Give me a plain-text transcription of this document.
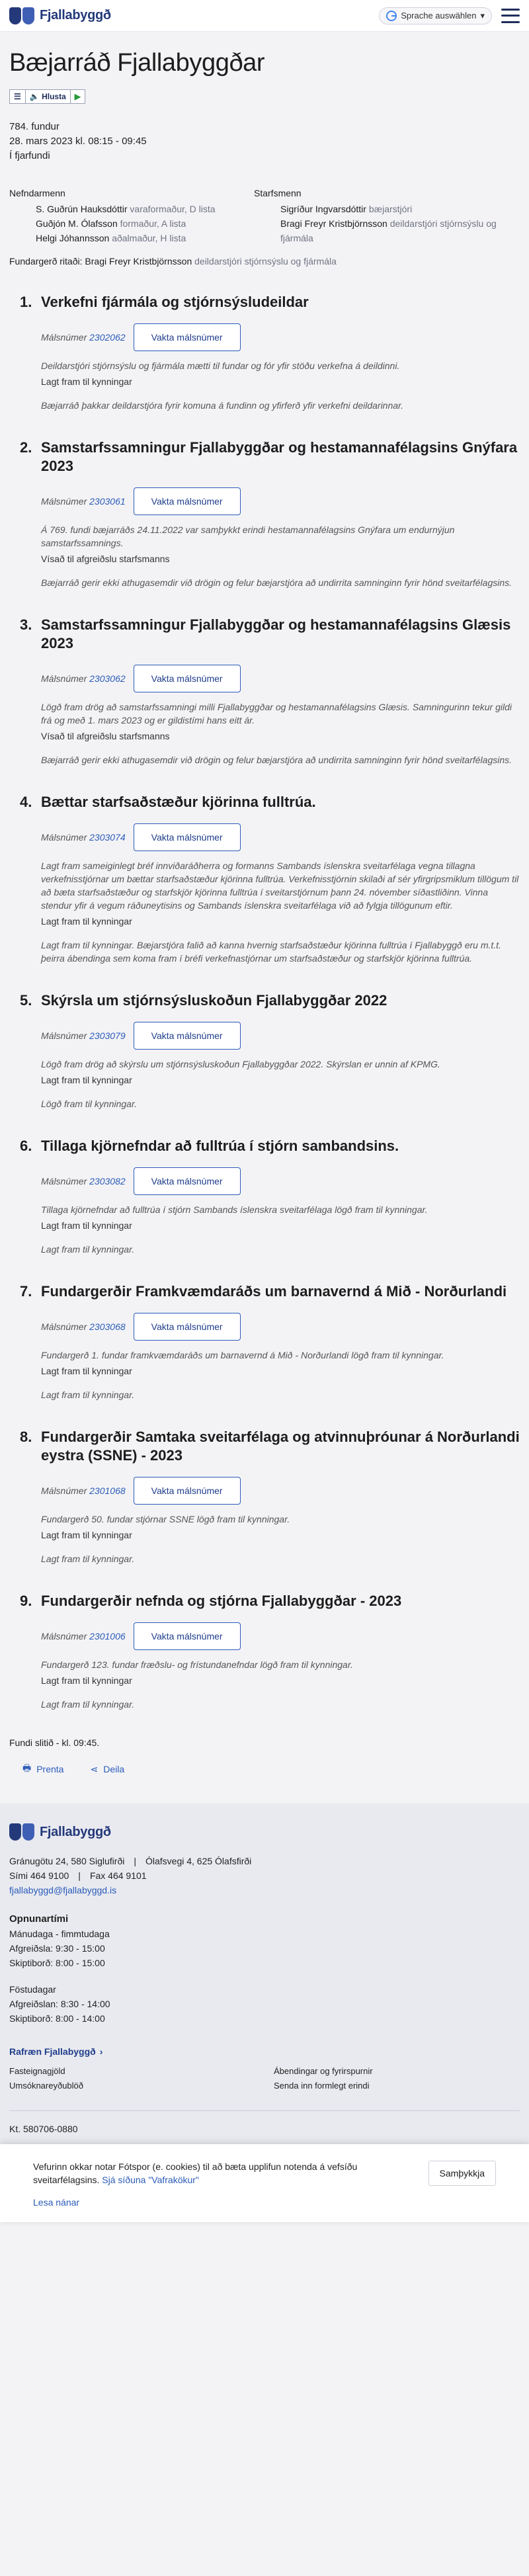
Fjallabyggð	Sprache auswählen ▾
Bæjarráð Fjallabyggðar
☰	🔈
Hlusta	▶
784. fundur
28. mars 2023 kl. 08:15 - 09:45
Í fjarfundi
Nefndarmenn
S. Guðrún Hauksdóttir varaformaður, D lista
Guðjón M. Ólafsson formaður, A lista
Helgi Jóhannsson aðalmaður, H lista
Starfsmenn
Sigríður Ingvarsdóttir bæjarstjóri
Bragi Freyr Kristbjörnsson deildarstjóri stjórnsýslu og fjármála
Fundargerð ritaði: Bragi Freyr Kristbjörnsson deildarstjóri stjórnsýslu og fjármála
1. Verkefni fjármála og stjórnsýsludeildar
Málsnúmer 2302062	Vakta málsnúmer
Deildarstjóri stjórnsýslu og fjármála mætti til fundar og fór yfir stöðu verkefna á deildinni.
Lagt fram til kynningar
Bæjarráð þakkar deildarstjóra fyrir komuna á fundinn og yfirferð yfir verkefni deildarinnar.
2. Samstarfssamningur Fjallabyggðar og hestamannafélagsins Gnýfara 2023
Málsnúmer 2303061	Vakta málsnúmer
Á 769. fundi bæjarráðs 24.11.2022 var samþykkt erindi hestamannafélagsins Gnýfara um endurnýjun samstarfssamnings.
Vísað til afgreiðslu starfsmanns
Bæjarráð gerir ekki athugasemdir við drögin og felur bæjarstjóra að undirrita samninginn fyrir hönd sveitarfélagsins.
3. Samstarfssamningur Fjallabyggðar og hestamannafélagsins Glæsis 2023
Málsnúmer 2303062	Vakta málsnúmer
Lögð fram drög að samstarfssamningi milli Fjallabyggðar og hestamannafélagsins Glæsis. Samningurinn tekur gildi frá og með 1. mars 2023 og er gildistími hans eitt ár.
Vísað til afgreiðslu starfsmanns
Bæjarráð gerir ekki athugasemdir við drögin og felur bæjarstjóra að undirrita samninginn fyrir hönd sveitarfélagsins.
4. Bættar starfsaðstæður kjörinna fulltrúa.
Málsnúmer 2303074	Vakta málsnúmer
Lagt fram sameiginlegt bréf innviðaráðherra og formanns Sambands íslenskra sveitarfélaga vegna tillagna verkefnisstjórnar um bættar starfsaðstæður kjörinna fulltrúa. Verkefnisstjórnin skilaði af sér yfirgripsmiklum tillögum til að bæta starfsaðstæður og starfskjör kjörinna fulltrúa í sveitarstjórnum þann 24. nóvember síðastliðinn. Vinna stendur yfir á vegum ráðuneytisins og Sambands íslenskra sveitarfélaga við að fylgja tillögunum eftir.
Lagt fram til kynningar
Lagt fram til kynningar. Bæjarstjóra falið að kanna hvernig starfsaðstæður kjörinna fulltrúa í Fjallabyggð eru m.t.t. þeirra ábendinga sem koma fram í bréfi verkefnastjórnar um starfsaðstæður og starfskjör kjörinna fulltrúa.
5. Skýrsla um stjórnsýsluskoðun Fjallabyggðar 2022
Málsnúmer 2303079	Vakta málsnúmer
Lögð fram drög að skýrslu um stjórnsýsluskoðun Fjallabyggðar 2022. Skýrslan er unnin af KPMG.
Lagt fram til kynningar
Lögð fram til kynningar.
6. Tillaga kjörnefndar að fulltrúa í stjórn sambandsins.
Málsnúmer 2303082	Vakta málsnúmer
Tillaga kjörnefndar að fulltrúa í stjórn Sambands íslenskra sveitarfélaga lögð fram til kynningar.
Lagt fram til kynningar
Lagt fram til kynningar.
7. Fundargerðir Framkvæmdaráðs um barnavernd á Mið - Norðurlandi
Málsnúmer 2303068	Vakta málsnúmer
Fundargerð 1. fundar framkvæmdaráðs um barnavernd á Mið - Norðurlandi lögð fram til kynningar.
Lagt fram til kynningar
Lagt fram til kynningar.
8. Fundargerðir Samtaka sveitarfélaga og atvinnuþróunar á Norðurlandi eystra (SSNE) - 2023
Málsnúmer 2301068	Vakta málsnúmer
Fundargerð 50. fundar stjórnar SSNE lögð fram til kynningar.
Lagt fram til kynningar
Lagt fram til kynningar.
9. Fundargerðir nefnda og stjórna Fjallabyggðar - 2023
Málsnúmer 2301006	Vakta málsnúmer
Fundargerð 123. fundar fræðslu- og frístundanefndar lögð fram til kynningar.
Lagt fram til kynningar
Lagt fram til kynningar.
Fundi slitið - kl. 09:45.
🖶 Prenta	⋖ Deila
Fjallabyggð
Gránugötu 24, 580 Siglufirði | Ólafsvegi 4, 625 Ólafsfirði
Sími 464 9100 | Fax 464 9101
fjallabyggd@fjallabyggd.is
Opnunartími
Mánudaga - fimmtudaga
Afgreiðsla: 9:30 - 15:00
Skiptiborð: 8:00 - 15:00
Föstudagar
Afgreiðslan: 8:30 - 14:00
Skiptiborð: 8:00 - 14:00
Rafræn Fjallabyggð ›
Fasteignagjöld	Ábendingar og fyrirspurnir
Umsóknareyðublöð	Senda inn formlegt erindi
Kt. 580706-0880
Vefurinn okkar notar Fótspor (e. cookies) til að bæta upplifun notenda á vefsíðu sveitarfélagsins. Sjá síðuna "Vafrakökur"
Samþykkja
Lesa nánar
